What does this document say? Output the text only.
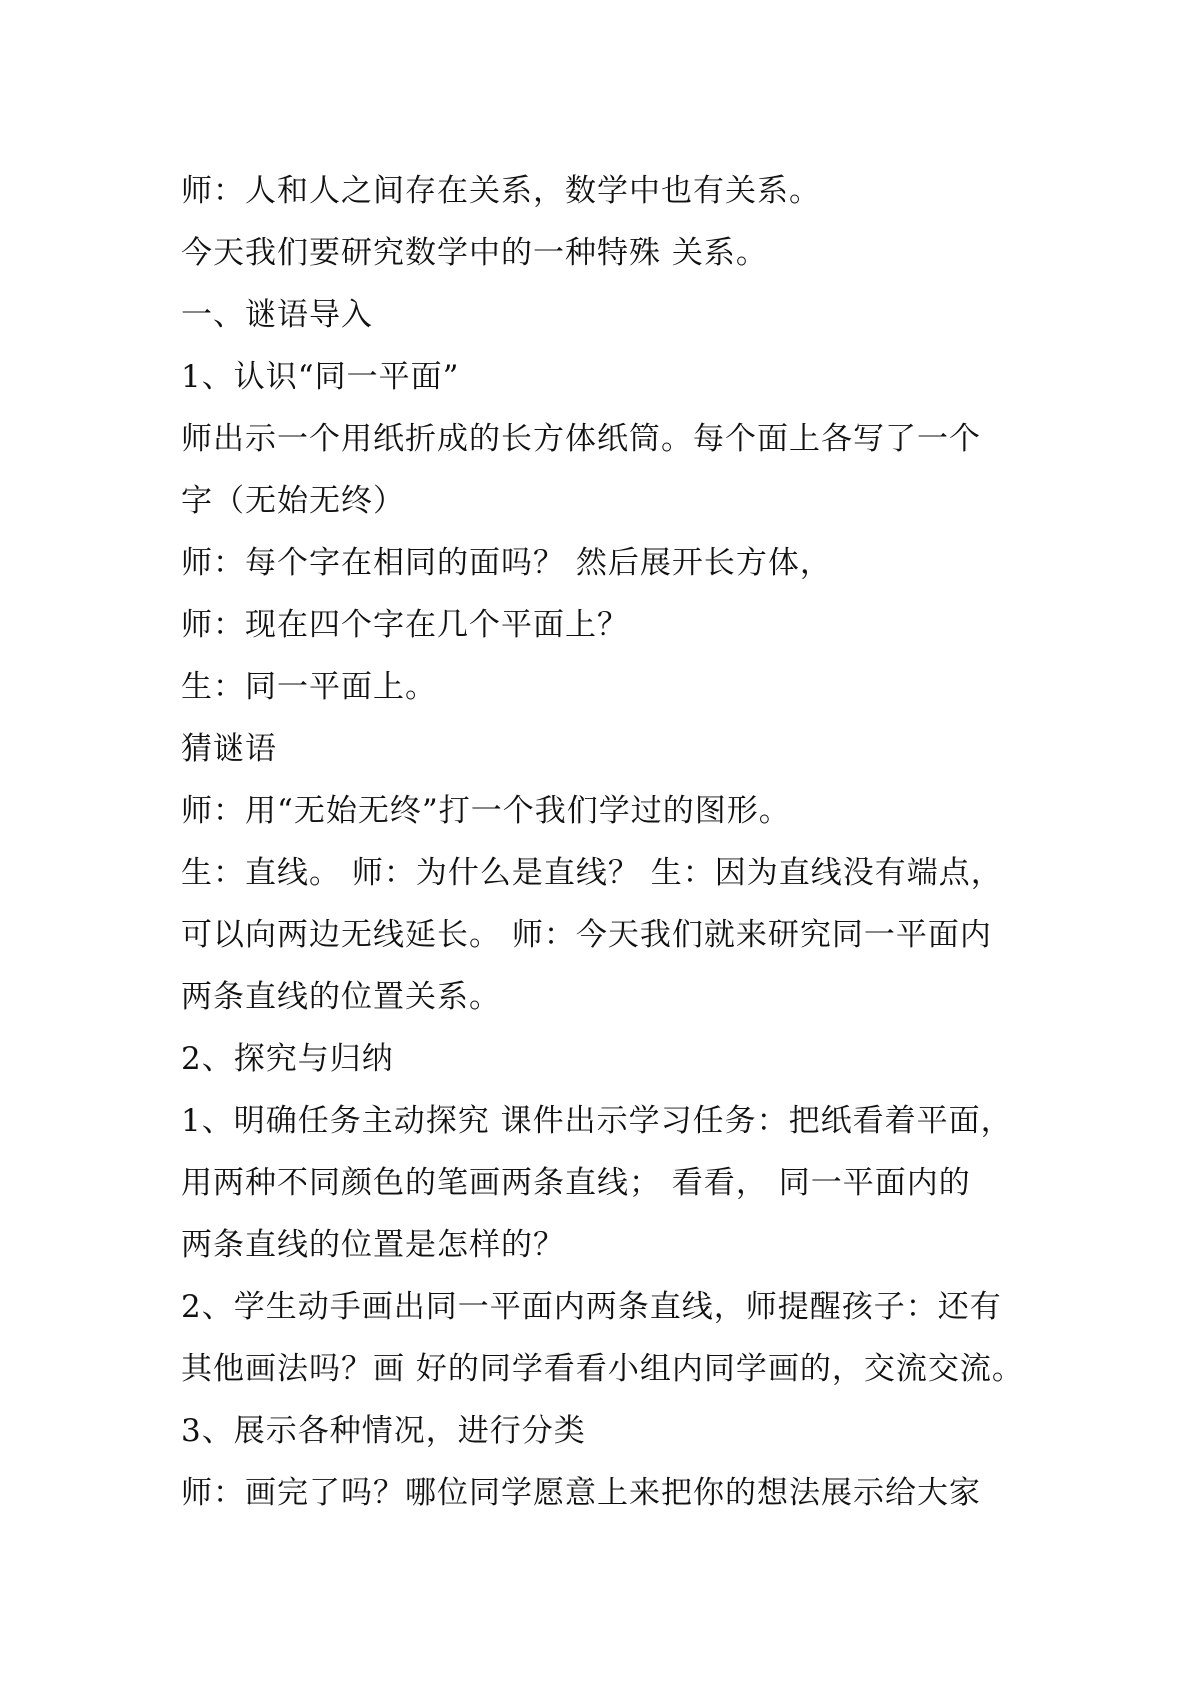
师：人和人之间存在关系，数学中也有关系。
今天我们要研究数学中的一种特殊 关系。
一、谜语导入
1、认识“同一平面”
师出示一个用纸折成的长方体纸筒。每个面上各写了一个
字（无始无终）
师：每个字在相同的面吗？ 然后展开长方体，
师：现在四个字在几个平面上？
生：同一平面上。
猜谜语
师：用“无始无终”打一个我们学过的图形。
生：直线。 师：为什么是直线？ 生：因为直线没有端点，
可以向两边无线延长。 师：今天我们就来研究同一平面内
两条直线的位置关系。
2、探究与归纳
1、明确任务主动探究 课件出示学习任务：把纸看着平面，
用两种不同颜色的笔画两条直线； 看看， 同一平面内的
两条直线的位置是怎样的？
2、学生动手画出同一平面内两条直线，师提醒孩子：还有
其他画法吗？画 好的同学看看小组内同学画的，交流交流。
3、展示各种情况，进行分类
师：画完了吗？哪位同学愿意上来把你的想法展示给大家
